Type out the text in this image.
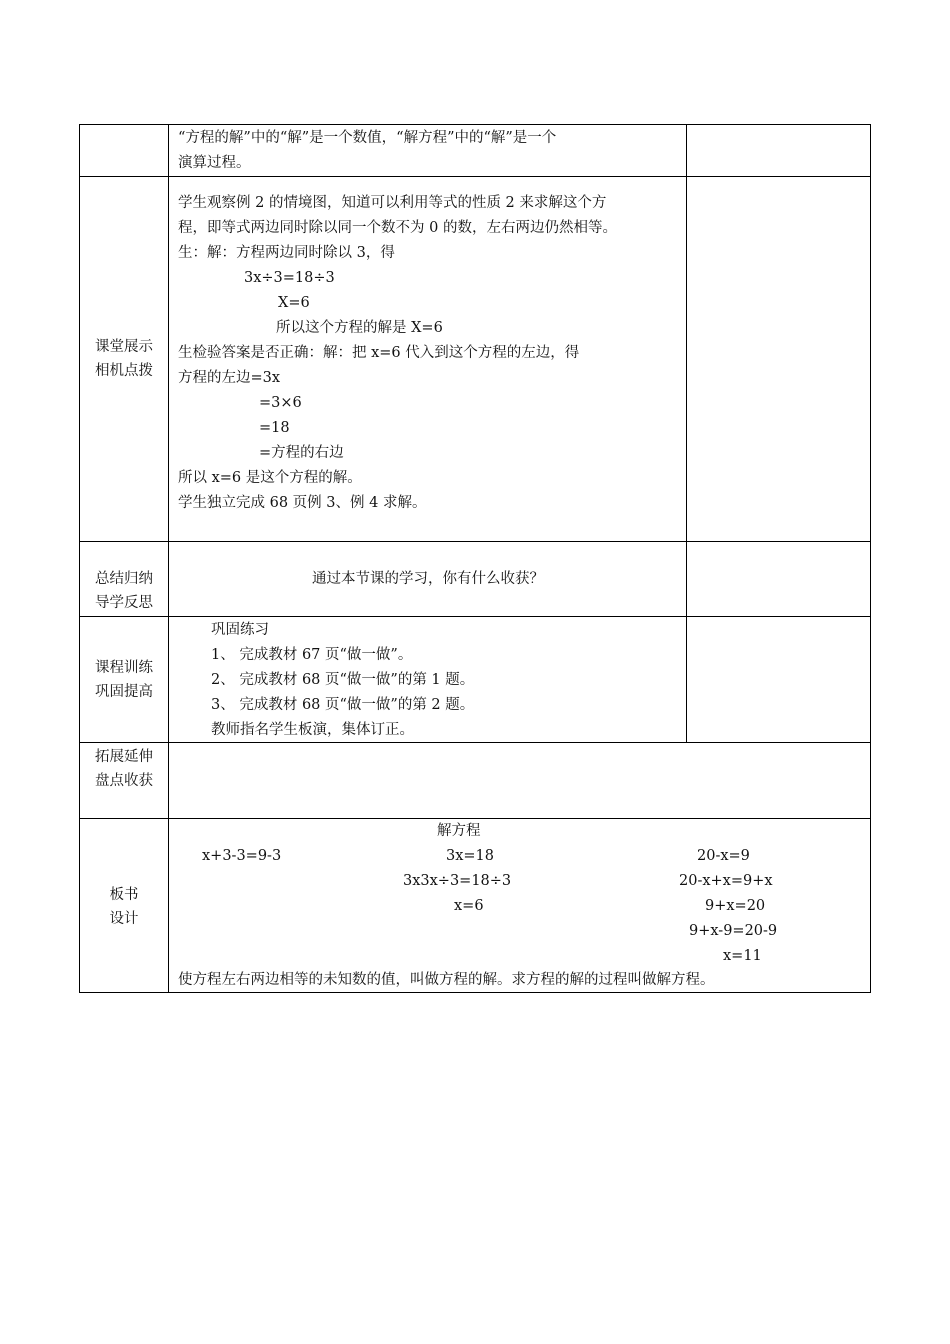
“方程的解”中的“解”是一个数值，“解方程”中的“解”是一个
演算过程。
课堂展示
相机点拨
学生观察例 2 的情境图，知道可以利用等式的性质 2 来求解这个方
程，即等式两边同时除以同一个数不为 0 的数，左右两边仍然相等。
生：解：方程两边同时除以 3，得
3x÷3=18÷3
X=6
所以这个方程的解是 X=6
生检验答案是否正确：解：把 x=6 代入到这个方程的左边，得
方程的左边=3x
=3×6
=18
=方程的右边
所以 x=6 是这个方程的解。
学生独立完成 68 页例 3、例 4 求解。
总结归纳
导学反思
通过本节课的学习，你有什么收获？
课程训练
巩固提高
巩固练习
1、 完成教材 67 页“做一做”。
2、 完成教材 68 页“做一做”的第 1 题。
3、 完成教材 68 页“做一做”的第 2 题。
教师指名学生板演，集体订正。
拓展延伸
盘点收获
板书
设计
解方程
x+3-3=9-3	3x=18
3x3x÷3=18÷3
x=6
20-x=9
20-x+x=9+x
9+x=20
9+x-9=20-9
x=11
使方程左右两边相等的未知数的值，叫做方程的解。求方程的解的过程叫做解方程。
